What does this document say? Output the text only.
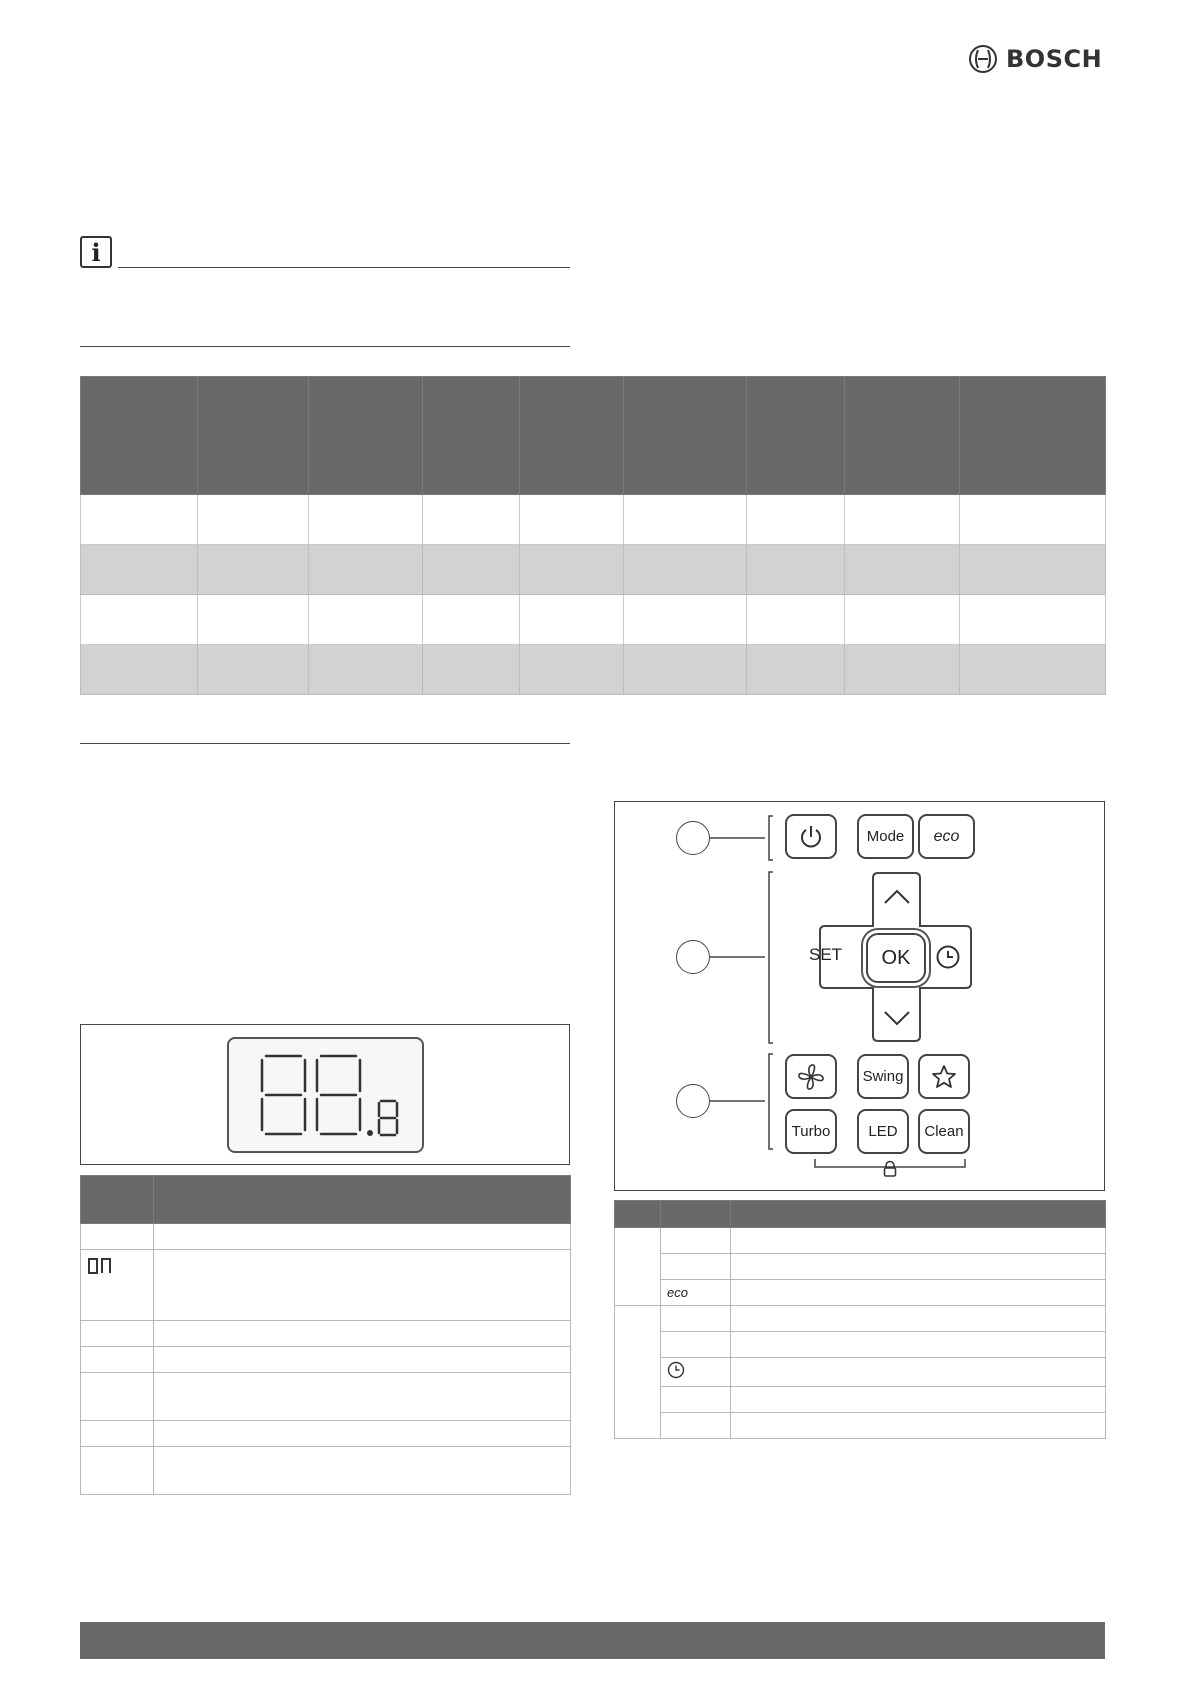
BOSCH
i

Mode	eco
SET	OK
Swing
Turbo	LED	Clean

	eco	
